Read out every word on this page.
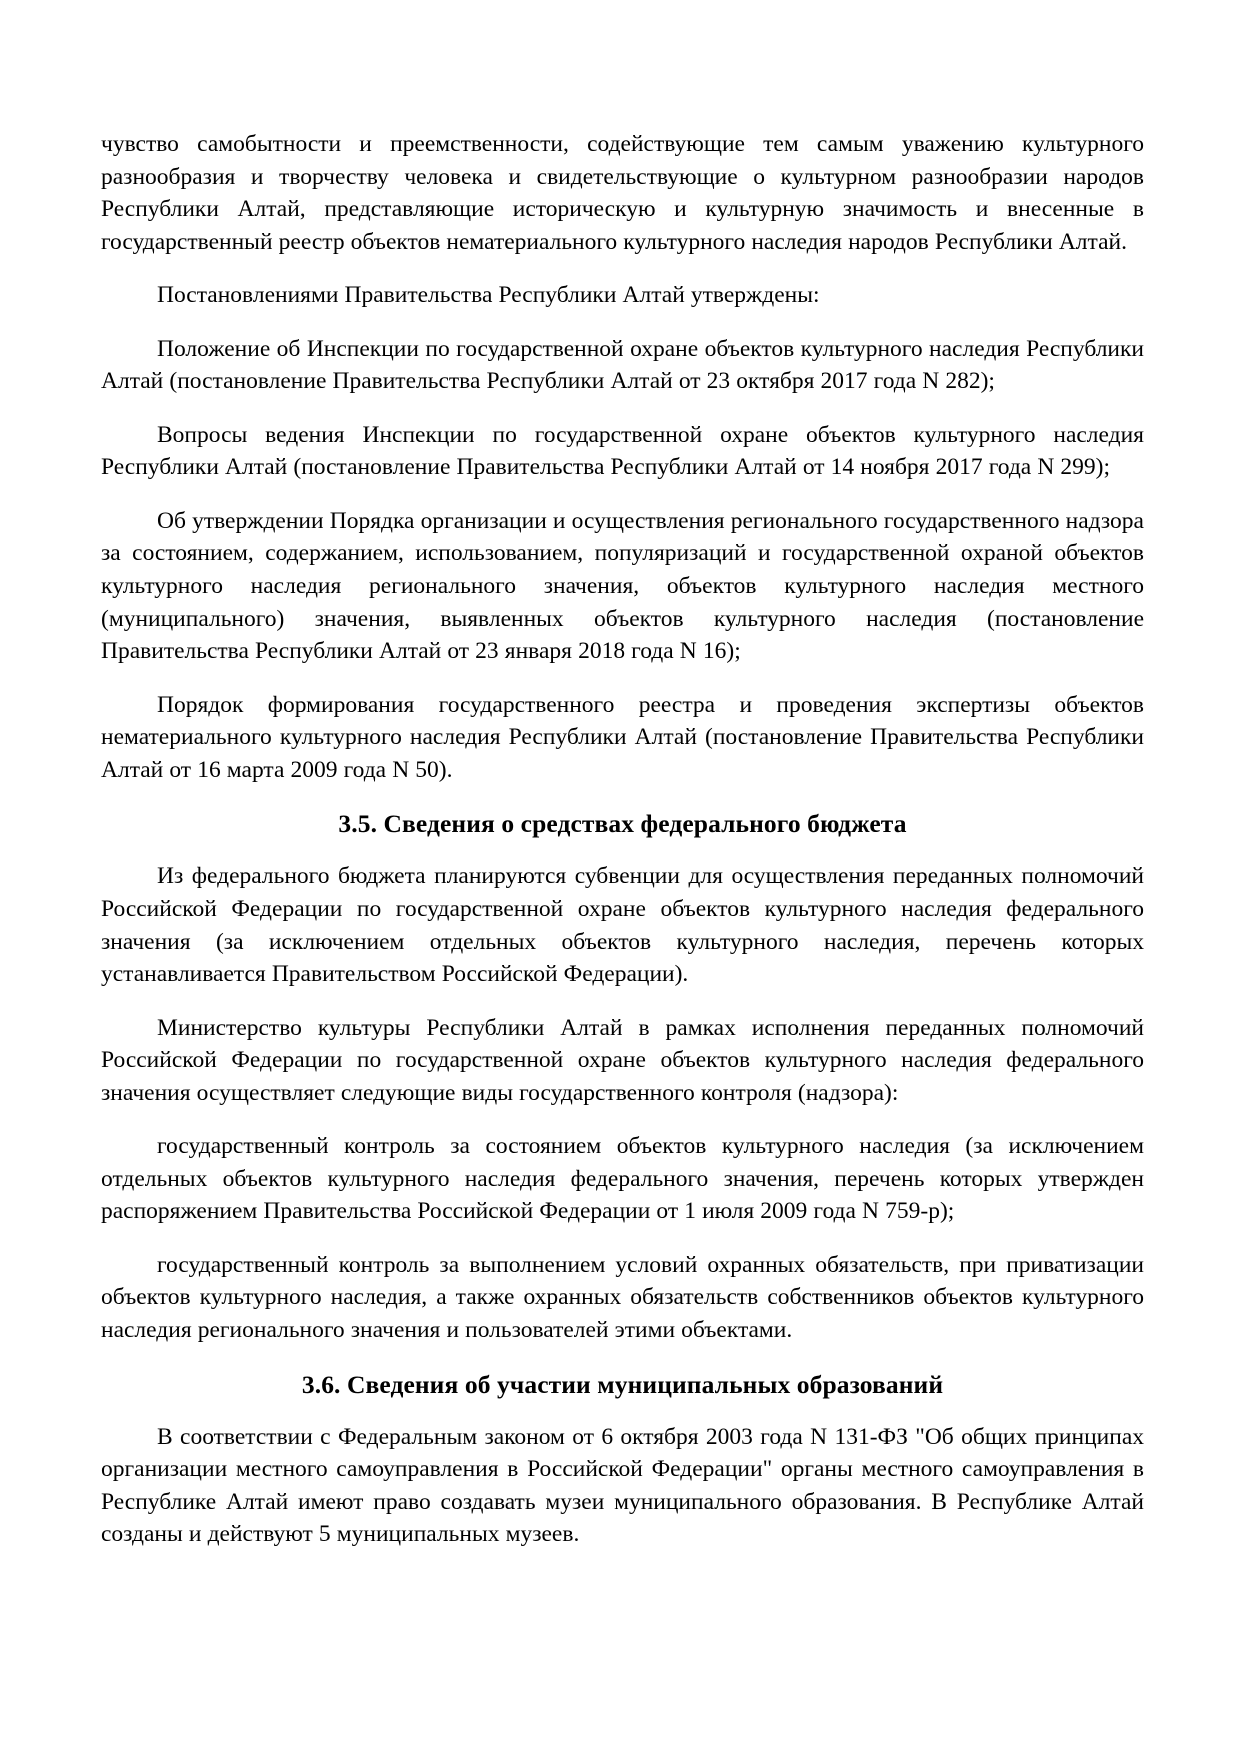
чувство самобытности и преемственности, содействующие тем самым уважению культурного разнообразия и творчеству человека и свидетельствующие о культурном разнообразии народов Республики Алтай, представляющие историческую и культурную значимость и внесенные в государственный реестр объектов нематериального культурного наследия народов Республики Алтай.

Постановлениями Правительства Республики Алтай утверждены:

Положение об Инспекции по государственной охране объектов культурного наследия Республики Алтай (постановление Правительства Республики Алтай от 23 октября 2017 года N 282);

Вопросы ведения Инспекции по государственной охране объектов культурного наследия Республики Алтай (постановление Правительства Республики Алтай от 14 ноября 2017 года N 299);

Об утверждении Порядка организации и осуществления регионального государственного надзора за состоянием, содержанием, использованием, популяризаций и государственной охраной объектов культурного наследия регионального значения, объектов культурного наследия местного (муниципального) значения, выявленных объектов культурного наследия (постановление Правительства Республики Алтай от 23 января 2018 года N 16);

Порядок формирования государственного реестра и проведения экспертизы объектов нематериального культурного наследия Республики Алтай (постановление Правительства Республики Алтай от 16 марта 2009 года N 50).

3.5. Сведения о средствах федерального бюджета

Из федерального бюджета планируются субвенции для осуществления переданных полномочий Российской Федерации по государственной охране объектов культурного наследия федерального значения (за исключением отдельных объектов культурного наследия, перечень которых устанавливается Правительством Российской Федерации).

Министерство культуры Республики Алтай в рамках исполнения переданных полномочий Российской Федерации по государственной охране объектов культурного наследия федерального значения осуществляет следующие виды государственного контроля (надзора):

государственный контроль за состоянием объектов культурного наследия (за исключением отдельных объектов культурного наследия федерального значения, перечень которых утвержден распоряжением Правительства Российской Федерации от 1 июля 2009 года N 759-р);

государственный контроль за выполнением условий охранных обязательств, при приватизации объектов культурного наследия, а также охранных обязательств собственников объектов культурного наследия регионального значения и пользователей этими объектами.

3.6. Сведения об участии муниципальных образований

В соответствии с Федеральным законом от 6 октября 2003 года N 131-ФЗ "Об общих принципах организации местного самоуправления в Российской Федерации" органы местного самоуправления в Республике Алтай имеют право создавать музеи муниципального образования. В Республике Алтай созданы и действуют 5 муниципальных музеев.
